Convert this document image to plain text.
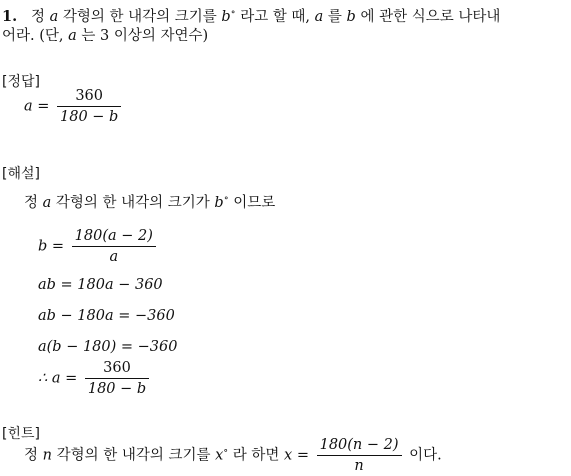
1. 정 a 각형의 한 내각의 크기를 b∘ 라고 할 때, a 를 b 에 관한 식으로 나타내
어라. (단, a 는 3 이상의 자연수)
[정답]
$a = \frac{360}{180 - b}$
[해설]
정 a 각형의 한 내각의 크기가 b∘ 이므로
$b = \frac{180(a - 2)}{a}$
ab = 180a − 360
ab − 180a = −360
a(b − 180) = −360
∴ $a = \frac{360}{180 - b}$
[힌트]
정 n 각형의 한 내각의 크기를 x∘ 라 하면 $x = \frac{180(n - 2)}{n}$ 이다.
